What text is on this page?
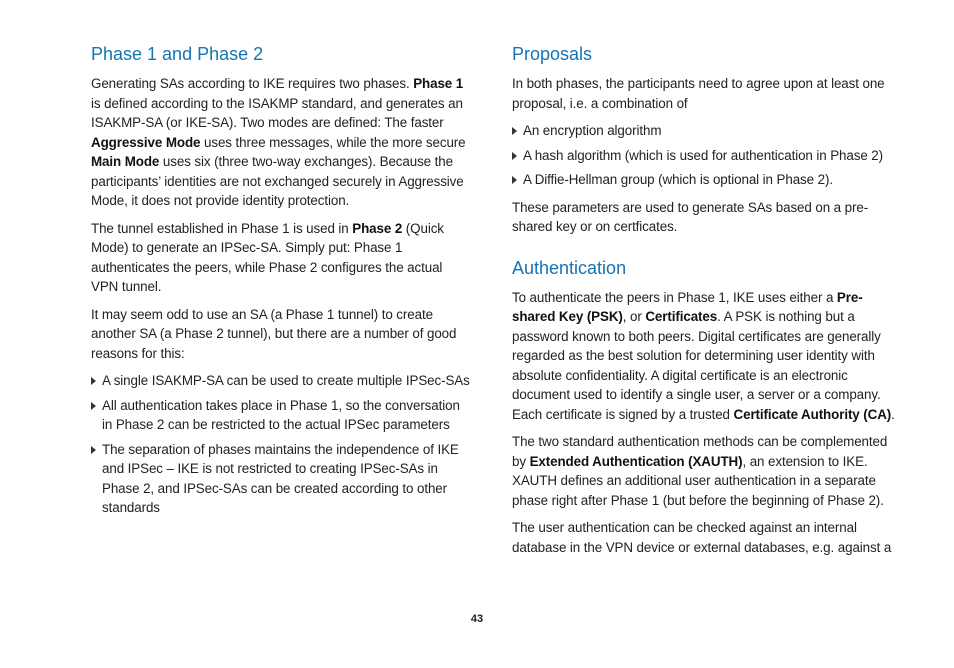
Phase 1 and Phase 2

Generating SAs according to IKE requires two phases. Phase 1 is defined according to the ISAKMP standard, and generates an ISAKMP-SA (or IKE-SA). Two modes are defined: The faster Aggressive Mode uses three messages, while the more secure Main Mode uses six (three two-way exchanges). Because the participants’ identities are not exchanged securely in Aggressive Mode, it does not provide identity protection.

The tunnel established in Phase 1 is used in Phase 2 (Quick Mode) to generate an IPSec-SA. Simply put: Phase 1 authenticates the peers, while Phase 2 configures the actual VPN tunnel.

It may seem odd to use an SA (a Phase 1 tunnel) to create another SA (a Phase 2 tunnel), but there are a number of good reasons for this:

A single ISAKMP-SA can be used to create multiple IPSec-SAs
All authentication takes place in Phase 1, so the conversation in Phase 2 can be restricted to the actual IPSec parameters
The separation of phases maintains the independence of IKE and IPSec – IKE is not restricted to creating IPSec-SAs in Phase 2, and IPSec-SAs can be created according to other standards
Proposals

In both phases, the participants need to agree upon at least one proposal, i.e. a combination of

An encryption algorithm
A hash algorithm (which is used for authentication in Phase 2)
A Diffie-Hellman group (which is optional in Phase 2).

These parameters are used to generate SAs based on a pre-shared key or on certficates.

Authentication

To authenticate the peers in Phase 1, IKE uses either a Pre-shared Key (PSK), or Certificates. A PSK is nothing but a password known to both peers. Digital certificates are generally regarded as the best solution for determining user identity with absolute confidentiality. A digital certificate is an electronic document used to identify a single user, a server or a company. Each certificate is signed by a trusted Certificate Authority (CA).

The two standard authentication methods can be complemented by Extended Authentication (XAUTH), an extension to IKE. XAUTH defines an additional user authentication in a separate phase right after Phase 1 (but before the beginning of Phase 2).

The user authentication can be checked against an internal database in the VPN device or external databases, e.g. against a

43
